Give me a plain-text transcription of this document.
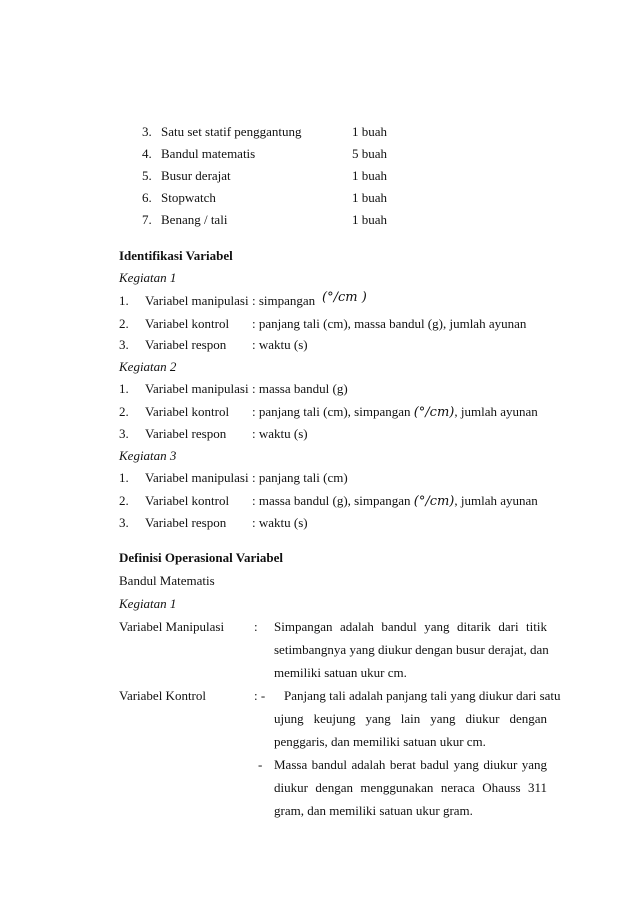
3. Satu set statif penggantung	1 buah
4. Bandul matematis	5 buah
5. Busur derajat	1 buah
6. Stopwatch	1 buah
7. Benang / tali	1 buah
Identifikasi Variabel
Kegiatan 1
1. Variabel manipulasi : simpangan (°/cm )
2. Variabel kontrol : panjang tali (cm), massa bandul (g), jumlah ayunan
3. Variabel respon : waktu (s)
Kegiatan 2
1. Variabel manipulasi : massa bandul (g)
2. Variabel kontrol : panjang tali (cm), simpangan (°/cm), jumlah ayunan
3. Variabel respon : waktu (s)
Kegiatan 3
1. Variabel manipulasi : panjang tali (cm)
2. Variabel kontrol : massa bandul (g), simpangan (°/cm), jumlah ayunan
3. Variabel respon : waktu (s)
Definisi Operasional Variabel
Bandul Matematis
Kegiatan 1
Variabel Manipulasi : Simpangan adalah bandul yang ditarik dari titik
setimbangnya yang diukur dengan busur derajat, dan
memiliki satuan ukur cm.
Variabel Kontrol	: - Panjang tali adalah panjang tali yang diukur dari satu
ujung keujung yang lain yang diukur dengan
penggaris, dan memiliki satuan ukur cm.
- Massa bandul adalah berat badul yang diukur yang
diukur dengan menggunakan neraca Ohauss 311
gram, dan memiliki satuan ukur gram.
